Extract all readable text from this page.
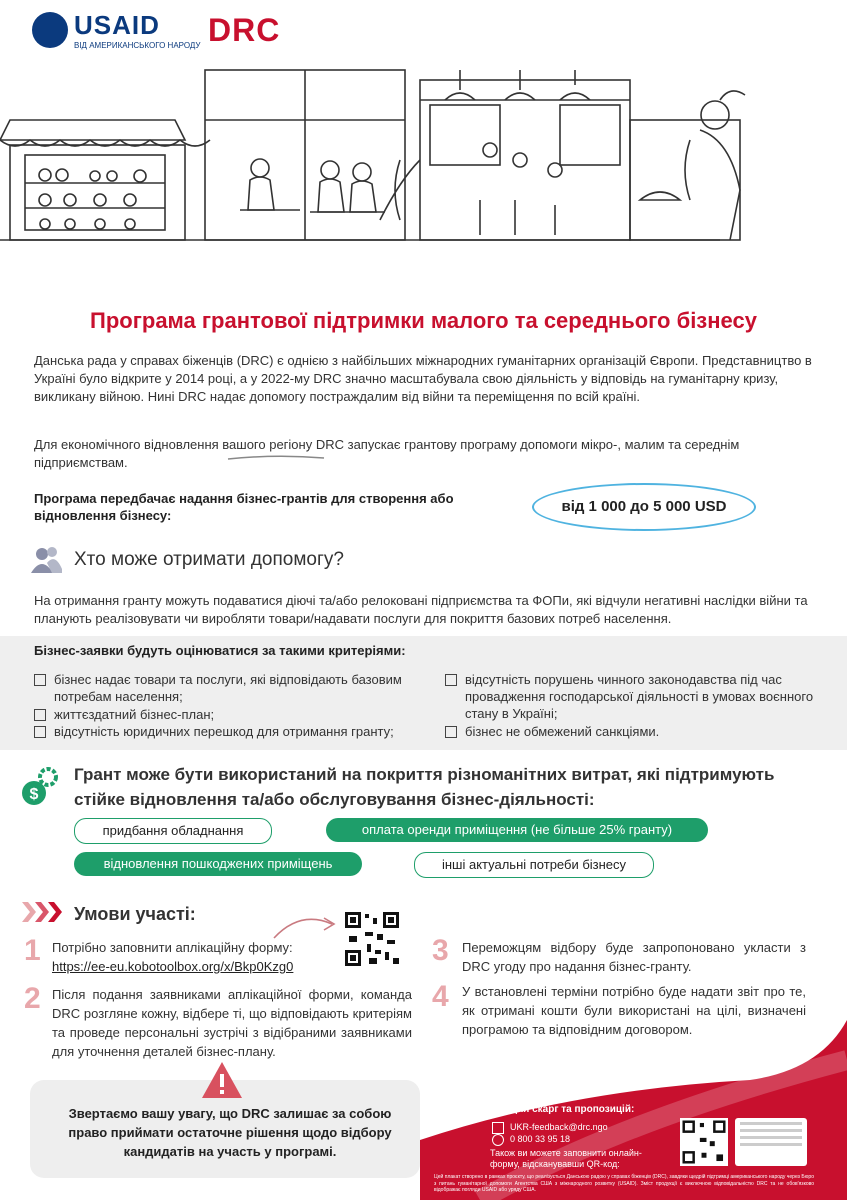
USAID
ВІД АМЕРИКАНСЬКОГО НАРОДУ DRC
Програма грантової підтримки малого та середнього бізнесу
Данська рада у справах біженців (DRC) є однією з найбільших міжнародних гуманітарних організацій Європи. Представництво в Україні було відкрите у 2014 році, а у 2022-му DRC значно масштабувала свою діяльність у відповідь на гуманітарну кризу, викликану війною. Нині DRC надає допомогу постраждалим від війни та переміщення по всій країні.
Для економічного відновлення вашого регіону DRC запускає грантову програму допомоги мікро-, малим та середнім підприємствам.
Програма передбачає надання бізнес-грантів для створення або відновлення бізнесу:
від 1 000 до 5 000 USD
Хто може отримати допомогу?
На отримання гранту можуть подаватися діючі та/або релоковані підприємства та ФОПи, які відчули негативні наслідки війни та планують реалізовувати чи виробляти товари/надавати послуги для покриття базових потреб населення.
Бізнес-заявки будуть оцінюватися за такими критеріями:
бізнес надає товари та послуги, які відповідають базовим потребам населення;
життєздатний бізнес-план;
відсутність юридичних перешкод для отримання гранту;
відсутність порушень чинного законодавства під час провадження господарської діяльності в умовах воєнного стану в Україні;
бізнес не обмежений санкціями.
$
Грант може бути використаний на покриття різноманітних витрат, які підтримують стійке відновлення та/або обслуговування бізнес-діяльності:
придбання обладнання	оплата оренди приміщення (не більше 25% гранту)
відновлення пошкоджених приміщень	інші актуальні потреби бізнесу
Умови участі:
1 Потрібно заповнити аплікаційну форму:
https://ee-eu.kobotoolbox.org/x/Bkp0Kzg0
2 Після подання заявниками аплікаційної форми, команда DRC розгляне кожну, відбере ті, що відповідають критеріям та проведе персональні зустрічі з відібраними заявниками для уточнення деталей бізнес-плану.
3 Переможцям відбору буде запропоновано укласти з DRC угоду про надання бізнес-гранту.
4 У встановлені терміни потрібно буде надати звіт про те, як отримані кошти були використані на цілі, визначені програмою та відповідним договором.
Звертаємо вашу увагу, що DRC залишає за собою право приймати остаточне рішення щодо відбору кандидатів на участь у програмі.
Для скарг та пропозицій:
UKR-feedback@drc.ngo
0 800 33 95 18
Також ви можете заповнити онлайн-форму, відсканувавши QR-код:
Цей плакат створено в рамках проєкту, що реалізується Данською радою у справах біженців (DRC), завдяки щедрій підтримці американського народу через Бюро з питань гуманітарної допомоги Агентства США з міжнародного розвитку (USAID). Зміст продукції є виключною відповідальністю DRC та не обов'язково відображає погляди USAID або уряду США.
